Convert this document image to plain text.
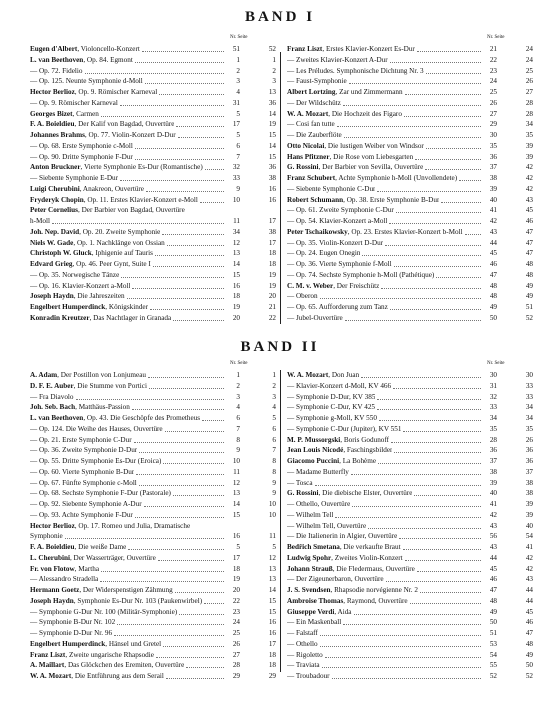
BAND I
Nr. Seite
Eugen d'Albert, Violoncello-Konzert	51	52
L. van Beethoven, Op. 84. Egmont	1	1
— Op. 72. Fidelio	2	2
— Op. 125. Neunte Symphonie d-Moll	3	3
Hector Berlioz, Op. 9. Römischer Karneval	4	13
— Op. 9. Römischer Karneval	31	36
Georges Bizet, Carmen	5	14
F. A. Boieldieu, Der Kalif von Bagdad, Ouvertüre	17	19
Johannes Brahms, Op. 77. Violin-Konzert D-Dur	5	15
— Op. 68. Erste Symphonie c-Moll	6	14
— Op. 90. Dritte Symphonie F-Dur	7	15
Anton Bruckner, Vierte Symphonie Es-Dur (Romantische)	32	36
— Siebente Symphonie E-Dur	33	38
Luigi Cherubini, Anakreon, Ouvertüre	9	16
Fryderyk Chopin, Op. 11. Erstes Klavier-Konzert e-Moll	10	16
Peter Cornelius, Der Barbier von Bagdad, Ouvertüre
h-Moll	11	17
Joh. Nep. David, Op. 20. Zweite Symphonie	34	38
Niels W. Gade, Op. 1. Nachklänge von Ossian	12	17
Christoph W. Gluck, Iphigenie auf Tauris	13	18
Edvard Grieg, Op. 46. Peer Gynt, Suite I	14	18
— Op. 35. Norwegische Tänze	15	19
— Op. 16. Klavier-Konzert a-Moll	16	19
Joseph Haydn, Die Jahreszeiten	18	20
Engelbert Humperdinck, Königskinder	19	21
Konradin Kreutzer, Das Nachtlager in Granada	20	22
Nr. Seite
Franz Liszt, Erstes Klavier-Konzert Es-Dur	21	24
— Zweites Klavier-Konzert A-Dur	22	24
— Les Préludes. Symphonische Dichtung Nr. 3	23	25
— Faust-Symphonie	24	26
Albert Lortzing, Zar und Zimmermann	25	27
— Der Wildschütz	26	28
W. A. Mozart, Die Hochzeit des Figaro	27	28
— Cosi fan tutte	29	34
— Die Zauberflöte	30	35
Otto Nicolai, Die lustigen Weiber von Windsor	35	39
Hans Pfitzner, Die Rose vom Liebesgarten	36	39
G. Rossini, Der Barbier von Sevilla, Ouvertüre	37	42
Franz Schubert, Achte Symphonie h-Moll (Unvollendete)	38	42
— Siebente Symphonie C-Dur	39	42
Robert Schumann, Op. 38. Erste Symphonie B-Dur	40	43
— Op. 61. Zweite Symphonie C-Dur	41	45
— Op. 54. Klavier-Konzert a-Moll	42	46
Peter Tschaikowsky, Op. 23. Erstes Klavier-Konzert b-Moll	43	47
— Op. 35. Violin-Konzert D-Dur	44	47
— Op. 24. Eugen Onegin	45	47
— Op. 36. Vierte Symphonie f-Moll	46	48
— Op. 74. Sechste Symphonie h-Moll (Pathétique)	47	48
C. M. v. Weber, Der Freischütz	48	49
— Oberon	48	49
— Op. 65. Aufforderung zum Tanz	49	51
— Jubel-Ouvertüre	50	52
BAND II
Nr. Seite
A. Adam, Der Postillon von Lonjumeau	1	1
D. F. E. Auber, Die Stumme von Portici	2	2
— Fra Diavolo	3	3
Joh. Seb. Bach, Matthäus-Passion	4	4
L. van Beethoven, Op. 43. Die Geschöpfe des Prometheus	6	5
— Op. 124. Die Weihe des Hauses, Ouvertüre	7	6
— Op. 21. Erste Symphonie C-Dur	8	6
— Op. 36. Zweite Symphonie D-Dur	9	7
— Op. 55. Dritte Symphonie Es-Dur (Eroica)	10	8
— Op. 60. Vierte Symphonie B-Dur	11	8
— Op. 67. Fünfte Symphonie c-Moll	12	9
— Op. 68. Sechste Symphonie F-Dur (Pastorale)	13	9
— Op. 92. Siebente Symphonie A-Dur	14	10
— Op. 93. Achte Symphonie F-Dur	15	10
Hector Berlioz, Op. 17. Romeo und Julia, Dramatische
Symphonie	16	11
F. A. Boieldieu, Die weiße Dame	5	5
L. Cherubini, Der Wasserträger, Ouvertüre	17	12
Fr. von Flotow, Martha	18	13
— Alessandro Stradella	19	13
Hermann Goetz, Der Widerspenstigen Zähmung	20	14
Joseph Haydn, Symphonie Es-Dur Nr. 103 (Paukenwirbel)	22	15
— Symphonie G-Dur Nr. 100 (Militär-Symphonie)	23	15
— Symphonie B-Dur Nr. 102	24	16
— Symphonie D-Dur Nr. 96	25	16
Engelbert Humperdinck, Hänsel und Gretel	26	17
Franz Liszt, Zweite ungarische Rhapsodie	27	18
A. Maillart, Das Glöckchen des Eremiten, Ouvertüre	28	18
W. A. Mozart, Die Entführung aus dem Serail	29	29
Nr. Seite
W. A. Mozart, Don Juan	30	30
— Klavier-Konzert d-Moll, KV 466	31	33
— Symphonie D-Dur, KV 385	32	33
— Symphonie C-Dur, KV 425	33	34
— Symphonie g-Moll, KV 550	34	34
— Symphonie C-Dur (Jupiter), KV 551	35	35
M. P. Mussorgski, Boris Godunoff	28	26
Jean Louis Nicodé, Faschingsbilder	36	36
Giacomo Puccini, La Bohème	37	36
— Madame Butterfly	38	37
— Tosca	39	38
G. Rossini, Die diebische Elster, Ouvertüre	40	38
— Othello, Ouvertüre	41	39
— Wilhelm Tell	42	39
— Wilhelm Tell, Ouvertüre	43	40
— Die Italienerin in Algier, Ouvertüre	56	54
Bedřich Smetana, Die verkaufte Braut	43	41
Ludwig Spohr, Zweites Violin-Konzert	44	42
Johann Strauß, Die Fledermaus, Ouvertüre	45	42
— Der Zigeunerbaron, Ouvertüre	46	43
J. S. Svendsen, Rhapsodie norvégienne Nr. 2	47	44
Ambroise Thomas, Raymond, Ouvertüre	48	44
Giuseppe Verdi, Aida	49	45
— Ein Maskenball	50	46
— Falstaff	51	47
— Othello	53	48
— Rigoletto	54	49
— Traviata	55	50
— Troubadour	52	52
